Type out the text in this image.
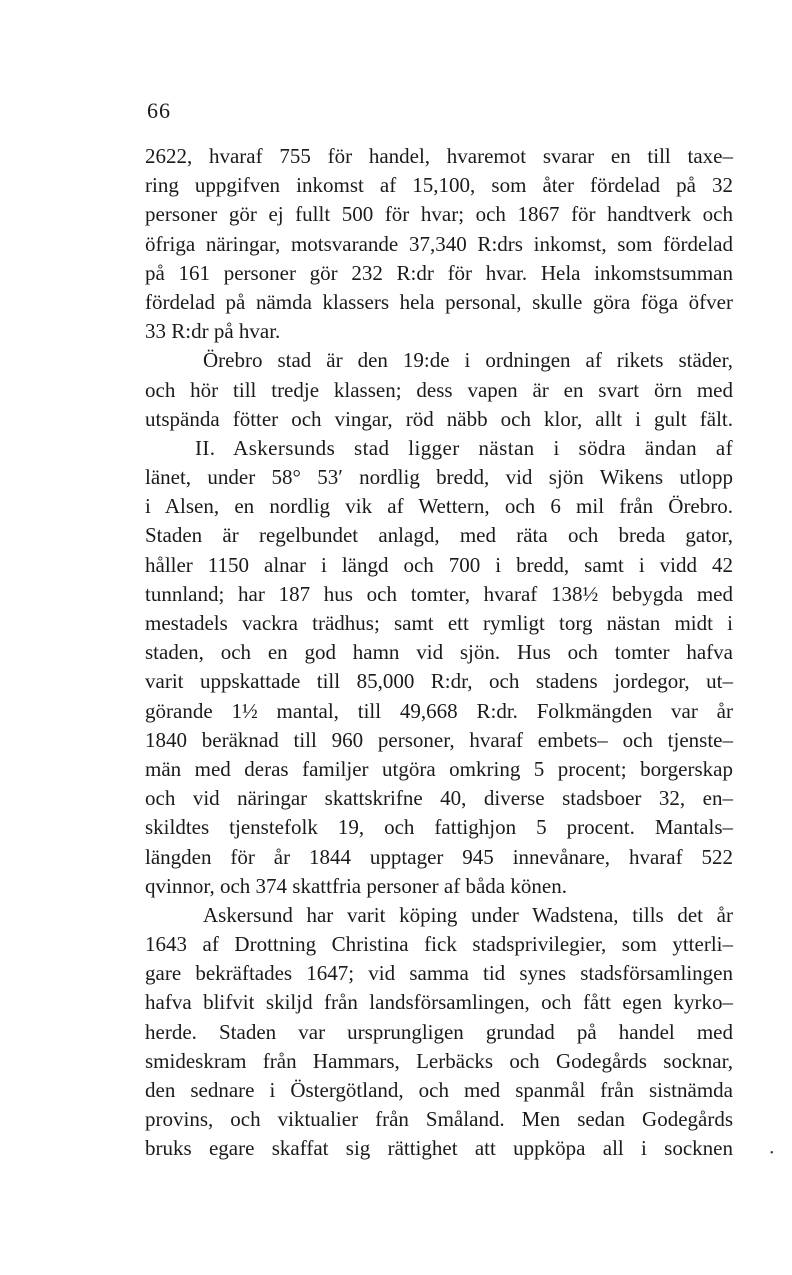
66
2622, hvaraf 755 för handel, hvaremot svarar en till taxe–
ring uppgifven inkomst af 15,100, som åter fördelad på 32
personer gör ej fullt 500 för hvar; och 1867 för handtverk och
öfriga näringar, motsvarande 37,340 R:drs inkomst, som fördelad
på 161 personer gör 232 R:dr för hvar. Hela inkomstsumman
fördelad på nämda klassers hela personal, skulle göra föga öfver
33 R:dr på hvar.
Örebro stad är den 19:de i ordningen af rikets städer,
och hör till tredje klassen; dess vapen är en svart örn med
utspända fötter och vingar, röd näbb och klor, allt i gult fält.
II. Askersunds stad ligger nästan i södra ändan af
länet, under 58° 53′ nordlig bredd, vid sjön Wikens utlopp
i Alsen, en nordlig vik af Wettern, och 6 mil från Örebro.
Staden är regelbundet anlagd, med räta och breda gator,
håller 1150 alnar i längd och 700 i bredd, samt i vidd 42
tunnland; har 187 hus och tomter, hvaraf 138½ bebygda med
mestadels vackra trädhus; samt ett rymligt torg nästan midt i
staden, och en god hamn vid sjön. Hus och tomter hafva
varit uppskattade till 85,000 R:dr, och stadens jordegor, ut–
görande 1½ mantal, till 49,668 R:dr. Folkmängden var år
1840 beräknad till 960 personer, hvaraf embets– och tjenste–
män med deras familjer utgöra omkring 5 procent; borgerskap
och vid näringar skattskrifne 40, diverse stadsboer 32, en–
skildtes tjenstefolk 19, och fattighjon 5 procent. Mantals–
längden för år 1844 upptager 945 innevånare, hvaraf 522
qvinnor, och 374 skattfria personer af båda könen.
Askersund har varit köping under Wadstena, tills det år
1643 af Drottning Christina fick stadsprivilegier, som ytterli–
gare bekräftades 1647; vid samma tid synes stadsförsamlingen
hafva blifvit skiljd från landsförsamlingen, och fått egen kyrko–
herde. Staden var ursprungligen grundad på handel med
smideskram från Hammars, Lerbäcks och Godegårds socknar,
den sednare i Östergötland, och med spanmål från sistnämda
provins, och viktualier från Småland. Men sedan Godegårds
bruks egare skaffat sig rättighet att uppköpa all i socknen	•
